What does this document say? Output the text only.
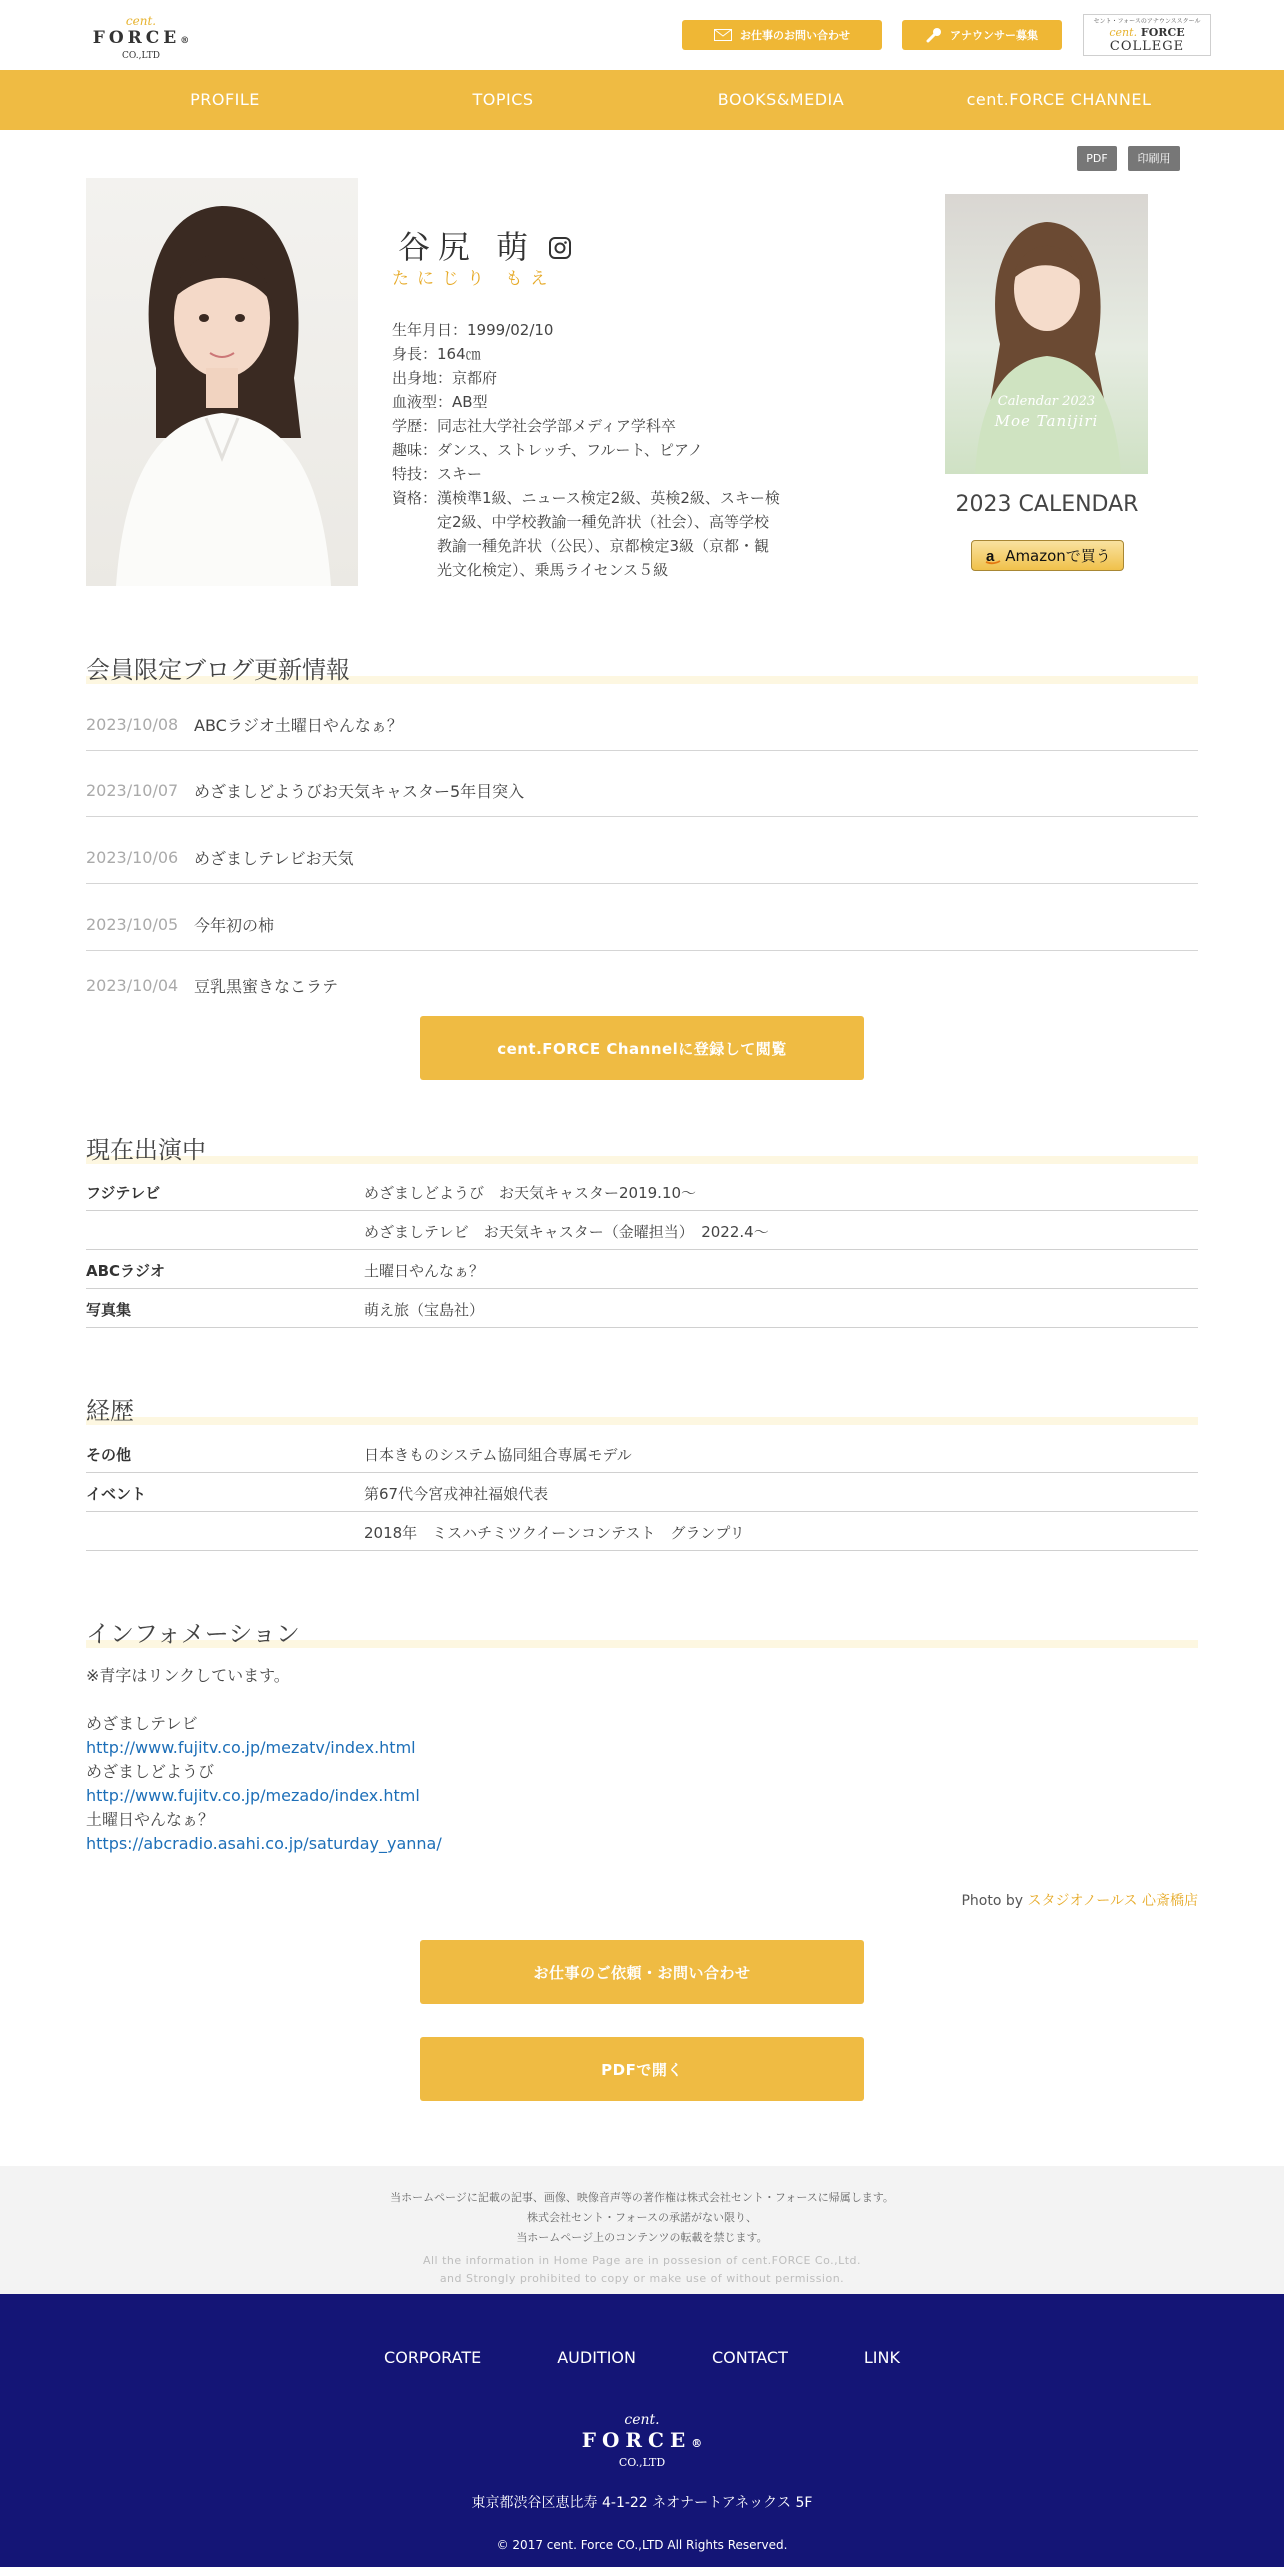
cent.
FORCE®
CO.,LTD
お仕事のお問い合わせ	アナウンサー募集
セント・フォースのアナウンススクール
cent. FORCE
COLLEGE
PROFILE	TOPICS	BOOKS&MEDIA	cent.FORCE CHANNEL
PDF	印刷用
谷尻 萌
たにじり もえ
生年月日： 1999/02/10
身長： 164㎝
出身地： 京都府
血液型： AB型
学歴： 同志社大学社会学部メディア学科卒
趣味： ダンス、ストレッチ、フルート、ピアノ
特技： スキー
資格： 漢検準1級、ニュース検定2級、英検2級、スキー検定2級、中学校教諭一種免許状（社会）、高等学校教諭一種免許状（公民）、京都検定3級（京都・観光文化検定）、乗馬ライセンス５級
Calendar 2023
Moe Tanijiri
2023 CALENDAR
a Amazonで買う
会員限定ブログ更新情報
2023/10/08 ABCラジオ土曜日やんなぁ？
2023/10/07 めざましどようびお天気キャスター5年目突入
2023/10/06 めざましテレビお天気
2023/10/05 今年初の柿
2023/10/04 豆乳黒蜜きなこラテ
cent.FORCE Channelに登録して閲覧
現在出演中
フジテレビ	めざましどようび　お天気キャスター2019.10～
めざましテレビ　お天気キャスター（金曜担当）　2022.4～
ABCラジオ	土曜日やんなぁ？
写真集	萌え旅（宝島社）
経歴
その他	日本きものシステム協同組合専属モデル
イベント	第67代今宮戎神社福娘代表
2018年　ミスハチミツクイーンコンテスト　グランプリ
インフォメーション
※青字はリンクしています。
めざましテレビ
http://www.fujitv.co.jp/mezatv/index.html
めざましどようび
http://www.fujitv.co.jp/mezado/index.html
土曜日やんなぁ？
https://abcradio.asahi.co.jp/saturday_yanna/
Photo by スタジオノールス 心斎橋店
お仕事のご依頼・お問い合わせ
PDFで開く
当ホームページに記載の記事、画像、映像音声等の著作権は株式会社セント・フォースに帰属します。
株式会社セント・フォースの承諾がない限り、
当ホームページ上のコンテンツの転載を禁じます。
All the information in Home Page are in possesion of cent.FORCE Co.,Ltd.
and Strongly prohibited to copy or make use of without permission.
CORPORATE	AUDITION	CONTACT	LINK
cent.
FORCE®
CO.,LTD
東京都渋谷区恵比寿 4-1-22 ネオナートアネックス 5F
© 2017 cent. Force CO.,LTD All Rights Reserved.
